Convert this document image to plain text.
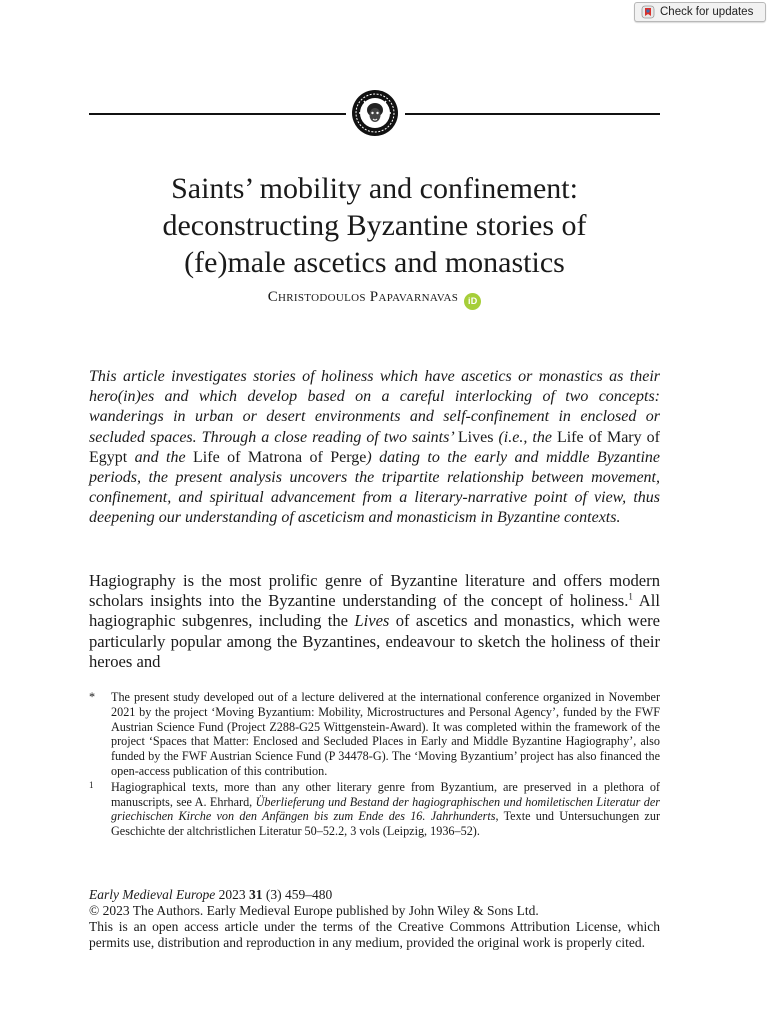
Check for updates
Saints’ mobility and confinement:
deconstructing Byzantine stories of
(fe)male ascetics and monastics
Christodoulos Papavarnavas iD

This article investigates stories of holiness which have ascetics or monastics as their hero(in)es and which develop based on a careful interlocking of two concepts: wanderings in urban or desert environments and self-confinement in enclosed or secluded spaces. Through a close reading of two saints’ Lives (i.e., the Life of Mary of Egypt and the Life of Matrona of Perge) dating to the early and middle Byzantine periods, the present analysis uncovers the tripartite relationship between movement, confinement, and spiritual advancement from a literary-narrative point of view, thus deepening our understanding of asceticism and monasticism in Byzantine contexts.

Hagiography is the most prolific genre of Byzantine literature and offers modern scholars insights into the Byzantine understanding of the concept of holiness.$^1$ All hagiographic subgenres, including the Lives of ascetics and monastics, which were particularly popular among the Byzantines, endeavour to sketch the holiness of their heroes and

* The present study developed out of a lecture delivered at the international conference organized in November 2021 by the project ‘Moving Byzantium: Mobility, Microstructures and Personal Agency’, funded by the FWF Austrian Science Fund (Project Z288-G25 Wittgenstein-Award). It was completed within the framework of the project ‘Spaces that Matter: Enclosed and Secluded Places in Early and Middle Byzantine Hagiography’, also funded by the FWF Austrian Science Fund (P 34478-G). The ‘Moving Byzantium’ project has also financed the open-access publication of this contribution.

1 Hagiographical texts, more than any other literary genre from Byzantium, are preserved in a plethora of manuscripts, see A. Ehrhard, Überlieferung und Bestand der hagiographischen und homiletischen Literatur der griechischen Kirche von den Anfängen bis zum Ende des 16. Jahrhunderts, Texte und Untersuchungen zur Geschichte der altchristlichen Literatur 50–52.2, 3 vols (Leipzig, 1936–52).

Early Medieval Europe 2023 31 (3) 459–480

© 2023 The Authors. Early Medieval Europe published by John Wiley & Sons Ltd.

This is an open access article under the terms of the Creative Commons Attribution License, which permits use, distribution and reproduction in any medium, provided the original work is properly cited.
